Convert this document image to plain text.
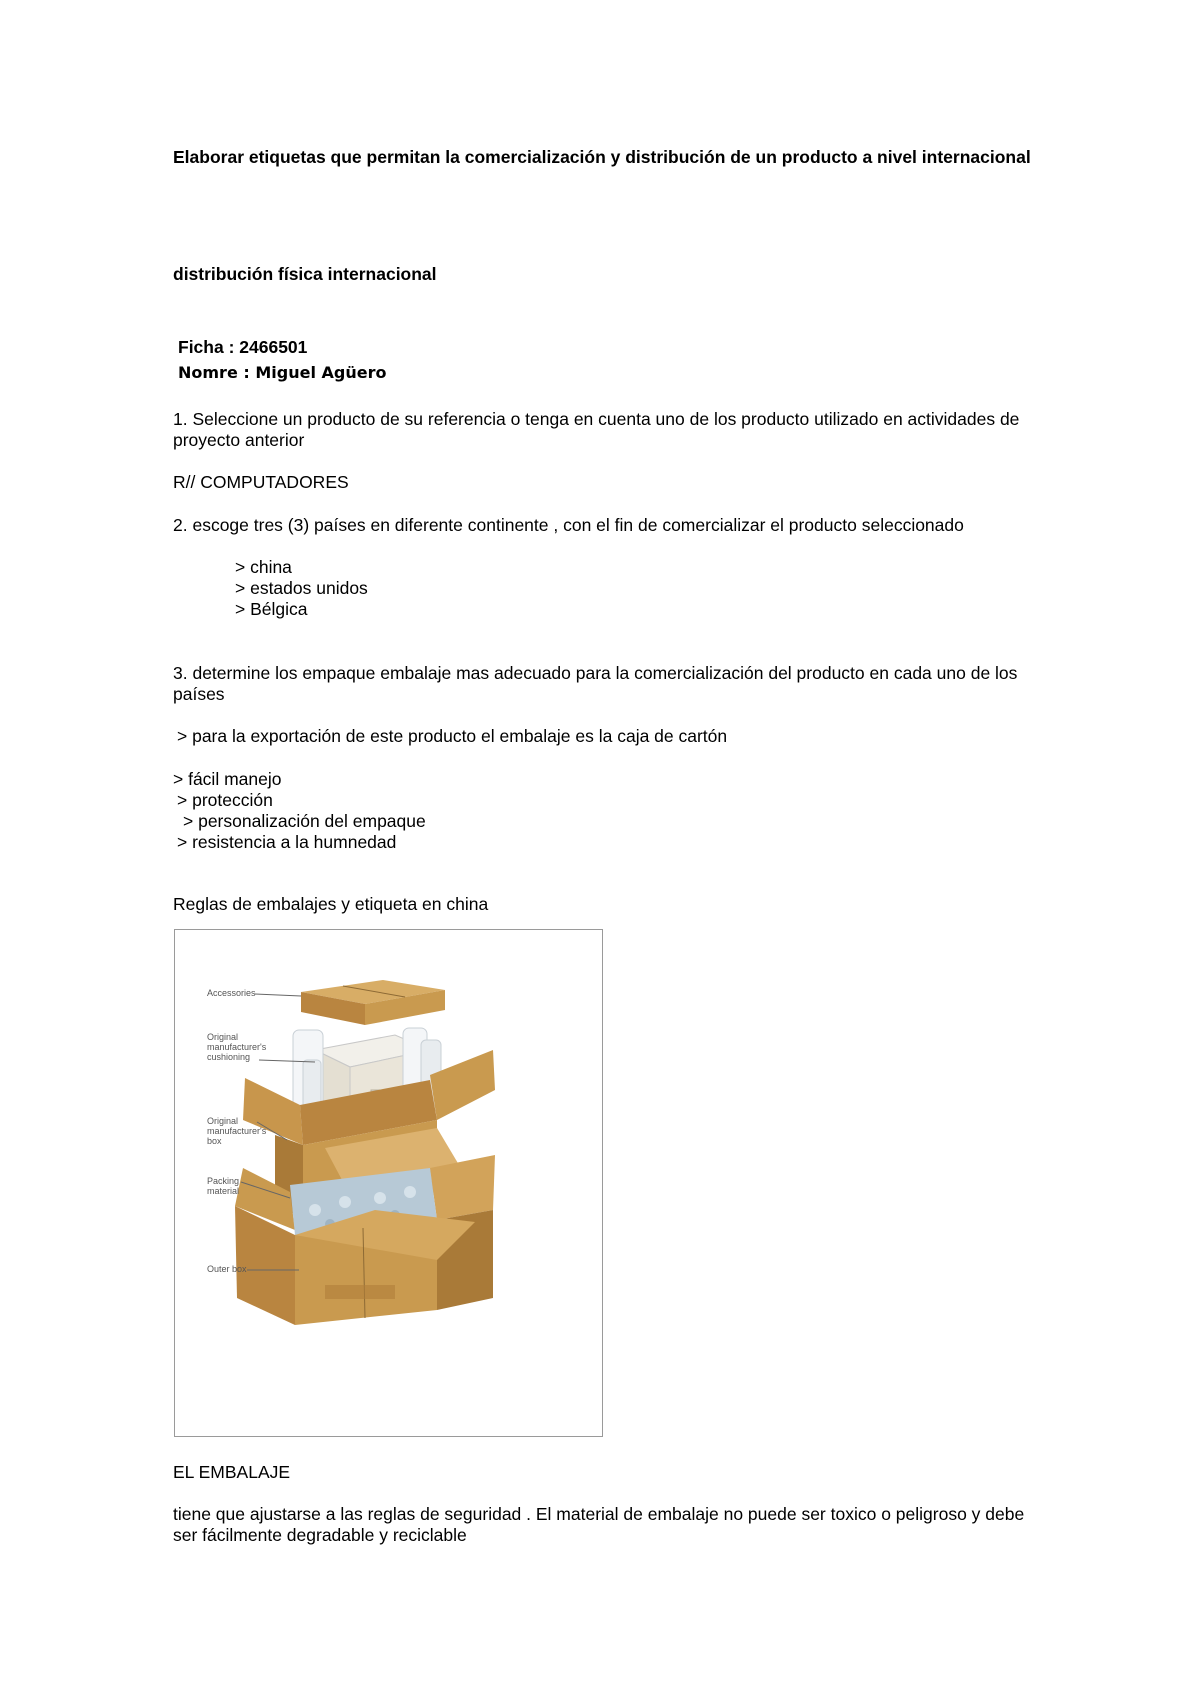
Elaborar etiquetas que permitan la comercialización y distribución de un producto a nivel internacional
distribución física internacional
Ficha : 2466501
Nomre : Miguel Agüero
1. Seleccione un producto de su referencia o tenga en cuenta uno de los producto utilizado en actividades de proyecto anterior
R// COMPUTADORES
2. escoge tres (3) países en diferente continente , con el fin de comercializar el producto seleccionado
> china
> estados unidos
> Bélgica
3. determine los empaque embalaje mas adecuado para la comercialización del producto en cada uno de los países
> para la exportación de este producto el embalaje es la caja de cartón
> fácil manejo
> protección
> personalización del empaque
> resistencia a la humnedad
Reglas de embalajes y etiqueta en china
Accessories
Original manufacturer's cushioning
Original manufacturer's box
Packing material
Outer box
EL EMBALAJE
tiene que ajustarse a las reglas de seguridad . El material de embalaje no puede ser toxico o peligroso y debe ser fácilmente degradable y reciclable
